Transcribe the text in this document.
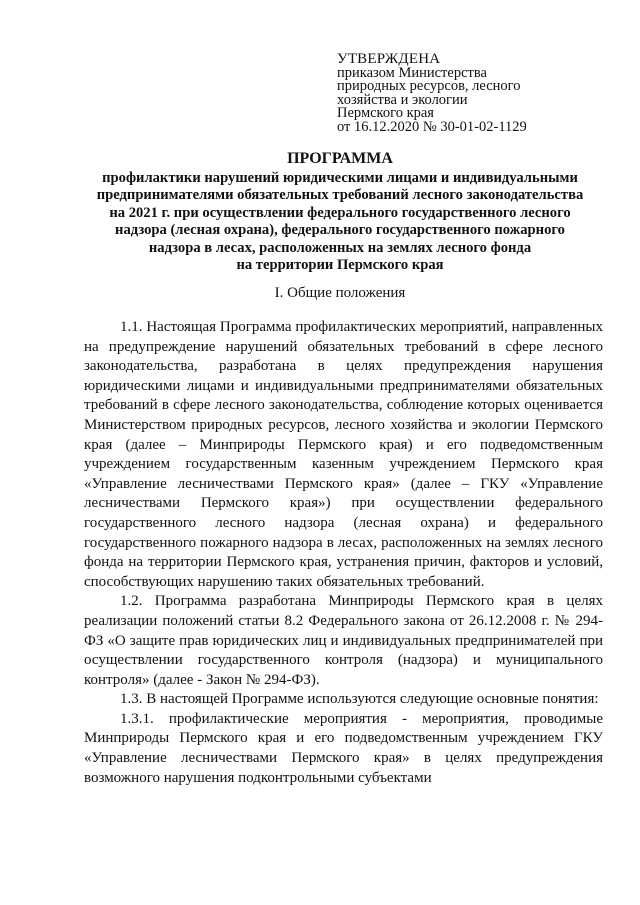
УТВЕРЖДЕНА
приказом Министерства
природных ресурсов, лесного
хозяйства и экологии
Пермского края
от 16.12.2020 № 30-01-02-1129
ПРОГРАММА
профилактики нарушений юридическими лицами и индивидуальными
предпринимателями обязательных требований лесного законодательства
на 2021 г. при осуществлении федерального государственного лесного
надзора (лесная охрана), федерального государственного пожарного
надзора в лесах, расположенных на землях лесного фонда
на территории Пермского края
I. Общие положения

1.1. Настоящая Программа профилактических мероприятий, направленных на предупреждение нарушений обязательных требований в сфере лесного законодательства, разработана в целях предупреждения нарушения юридическими лицами и индивидуальными предпринимателями обязательных требований в сфере лесного законодательства, соблюдение которых оценивается Министерством природных ресурсов, лесного хозяйства и экологии Пермского края (далее – Минприроды Пермского края) и его подведомственным учреждением государственным казенным учреждением Пермского края «Управление лесничествами Пермского края» (далее – ГКУ «Управление лесничествами Пермского края») при осуществлении федерального государственного лесного надзора (лесная охрана) и федерального государственного пожарного надзора в лесах, расположенных на землях лесного фонда на территории Пермского края, устранения причин, факторов и условий, способствующих нарушению таких обязательных требований.

1.2. Программа разработана Минприроды Пермского края в целях реализации положений статьи 8.2 Федерального закона от 26.12.2008 г. № 294-ФЗ «О защите прав юридических лиц и индивидуальных предпринимателей при осуществлении государственного контроля (надзора) и муниципального контроля» (далее - Закон № 294-ФЗ).

1.3. В настоящей Программе используются следующие основные понятия:

1.3.1. профилактические мероприятия - мероприятия, проводимые Минприроды Пермского края и его подведомственным учреждением ГКУ «Управление лесничествами Пермского края» в целях предупреждения возможного нарушения подконтрольными субъектами
